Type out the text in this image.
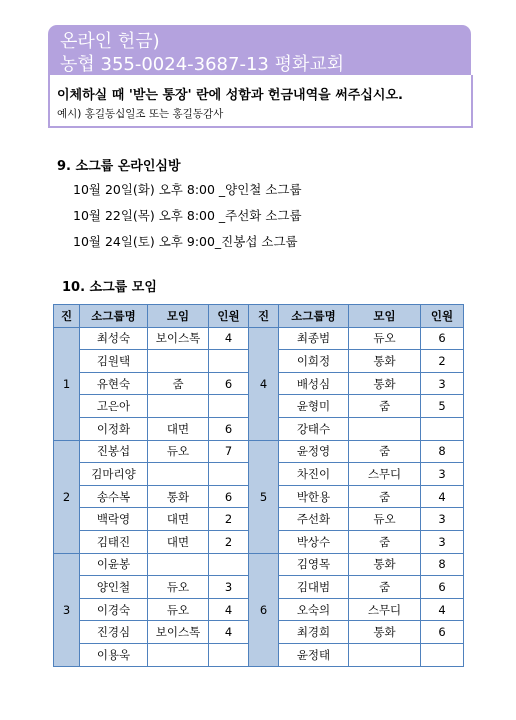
온라인 헌금)
농협 355-0024-3687-13 평화교회
이체하실 때 '받는 통장' 란에 성함과 헌금내역을 써주십시오.
예시) 홍길동십일조 또는 홍길동감사
9. 소그룹 온라인심방
10월 20일(화) 오후 8:00 _양인철 소그룹
10월 22일(목) 오후 8:00 _주선화 소그룹
10월 24일(토) 오후 9:00_진봉섭 소그룹
10. 소그룹 모임
진	소그룹명	모임	인원	진	소그룹명	모임	인원
1	최성숙	보이스톡	4	4	최종범	듀오	6
	김원택				이희정	통화	2
	유현숙	줌	6		배성심	통화	3
	고은아				윤형미	줌	5
	이정화	대면	6		강태수		
2	진봉섭	듀오	7	5	윤정영	줌	8
	김마리양				차진이	스무디	3
	송수복	통화	6		박한용	줌	4
	백락영	대면	2		주선화	듀오	3
	김태진	대면	2		박상수	줌	3
3	이윤봉			6	김영목	통화	8
	양인철	듀오	3		김대범	줌	6
	이경숙	듀오	4		오숙의	스무디	4
	진경심	보이스톡	4		최경희	통화	6
	이용욱				윤정태		
